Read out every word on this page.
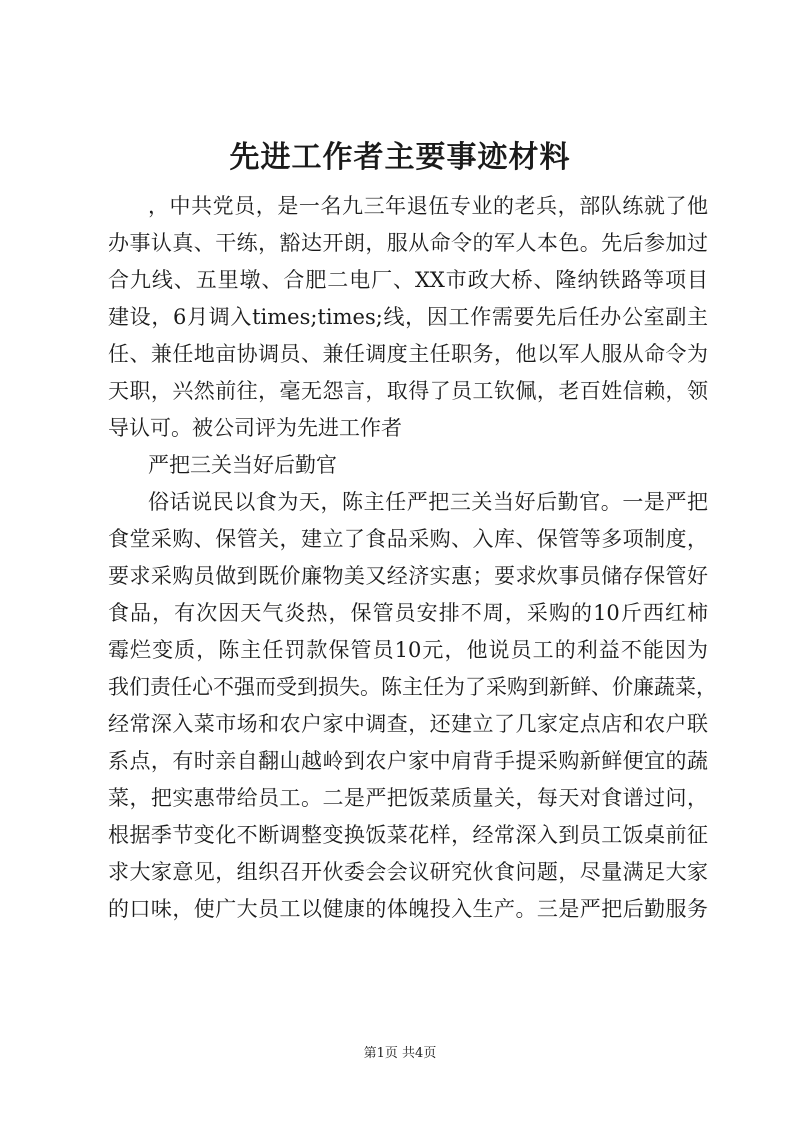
先进工作者主要事迹材料
，中共党员，是一名九三年退伍专业的老兵，部队练就了他
办事认真、干练，豁达开朗，服从命令的军人本色。先后参加过
合九线、五里墩、合肥二电厂、XX市政大桥、隆纳铁路等项目
建设，6月调入times;times;线，因工作需要先后任办公室副主
任、兼任地亩协调员、兼任调度主任职务，他以军人服从命令为
天职，兴然前往，毫无怨言，取得了员工钦佩，老百姓信赖，领
导认可。被公司评为先进工作者
严把三关当好后勤官
俗话说民以食为天，陈主任严把三关当好后勤官。一是严把
食堂采购、保管关，建立了食品采购、入库、保管等多项制度，
要求采购员做到既价廉物美又经济实惠；要求炊事员储存保管好
食品，有次因天气炎热，保管员安排不周，采购的10斤西红柿
霉烂变质，陈主任罚款保管员10元，他说员工的利益不能因为
我们责任心不强而受到损失。陈主任为了采购到新鲜、价廉蔬菜，
经常深入菜市场和农户家中调查，还建立了几家定点店和农户联
系点，有时亲自翻山越岭到农户家中肩背手提采购新鲜便宜的蔬
菜，把实惠带给员工。二是严把饭菜质量关，每天对食谱过问，
根据季节变化不断调整变换饭菜花样，经常深入到员工饭桌前征
求大家意见，组织召开伙委会会议研究伙食问题，尽量满足大家
的口味，使广大员工以健康的体魄投入生产。三是严把后勤服务
第1页 共4页
